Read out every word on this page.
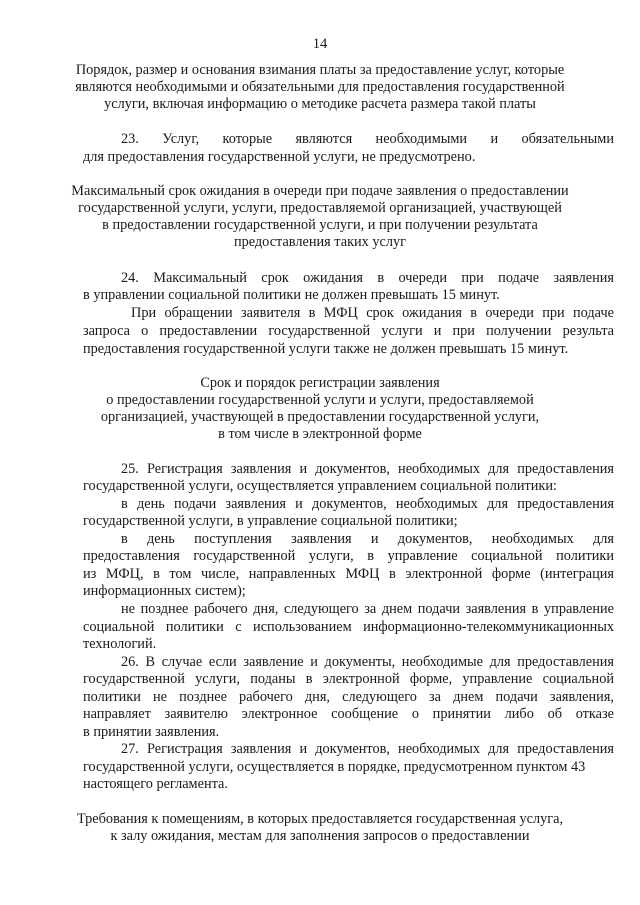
14
Порядок, размер и основания взимания платы за предоставление услуг, которые
являются необходимыми и обязательными для предоставления государственной
услуги, включая информацию о методике расчета размера такой платы
23. Услуг, которые являются необходимыми и обязательными
для предоставления государственной услуги, не предусмотрено.
Максимальный срок ожидания в очереди при подаче заявления о предоставлении
государственной услуги, услуги, предоставляемой организацией, участвующей
в предоставлении государственной услуги, и при получении результата
предоставления таких услуг
24. Максимальный срок ожидания в очереди при подаче заявления
в управлении социальной политики не должен превышать 15 минут.
При обращении заявителя в МФЦ срок ожидания в очереди при подаче
запроса о предоставлении государственной услуги и при получении результа
предоставления государственной услуги также не должен превышать 15 минут.
Срок и порядок регистрации заявления
о предоставлении государственной услуги и услуги, предоставляемой
организацией, участвующей в предоставлении государственной услуги,
в том числе в электронной форме
25. Регистрация заявления и документов, необходимых для предоставления
государственной услуги, осуществляется управлением социальной политики:
в день подачи заявления и документов, необходимых для предоставления
государственной услуги, в управление социальной политики;
в день поступления заявления и документов, необходимых для
предоставления государственной услуги, в управление социальной политики
из МФЦ, в том числе, направленных МФЦ в электронной форме (интеграция
информационных систем);
не позднее рабочего дня, следующего за днем подачи заявления в управление
социальной политики с использованием информационно-телекоммуникационных
технологий.
26. В случае если заявление и документы, необходимые для предоставления
государственной услуги, поданы в электронной форме, управление социальной
политики не позднее рабочего дня, следующего за днем подачи заявления,
направляет заявителю электронное сообщение о принятии либо об отказе
в принятии заявления.
27. Регистрация заявления и документов, необходимых для предоставления
государственной услуги, осуществляется в порядке, предусмотренном пунктом 43
настоящего регламента.
Требования к помещениям, в которых предоставляется государственная услуга,
к залу ожидания, местам для заполнения запросов о предоставлении
